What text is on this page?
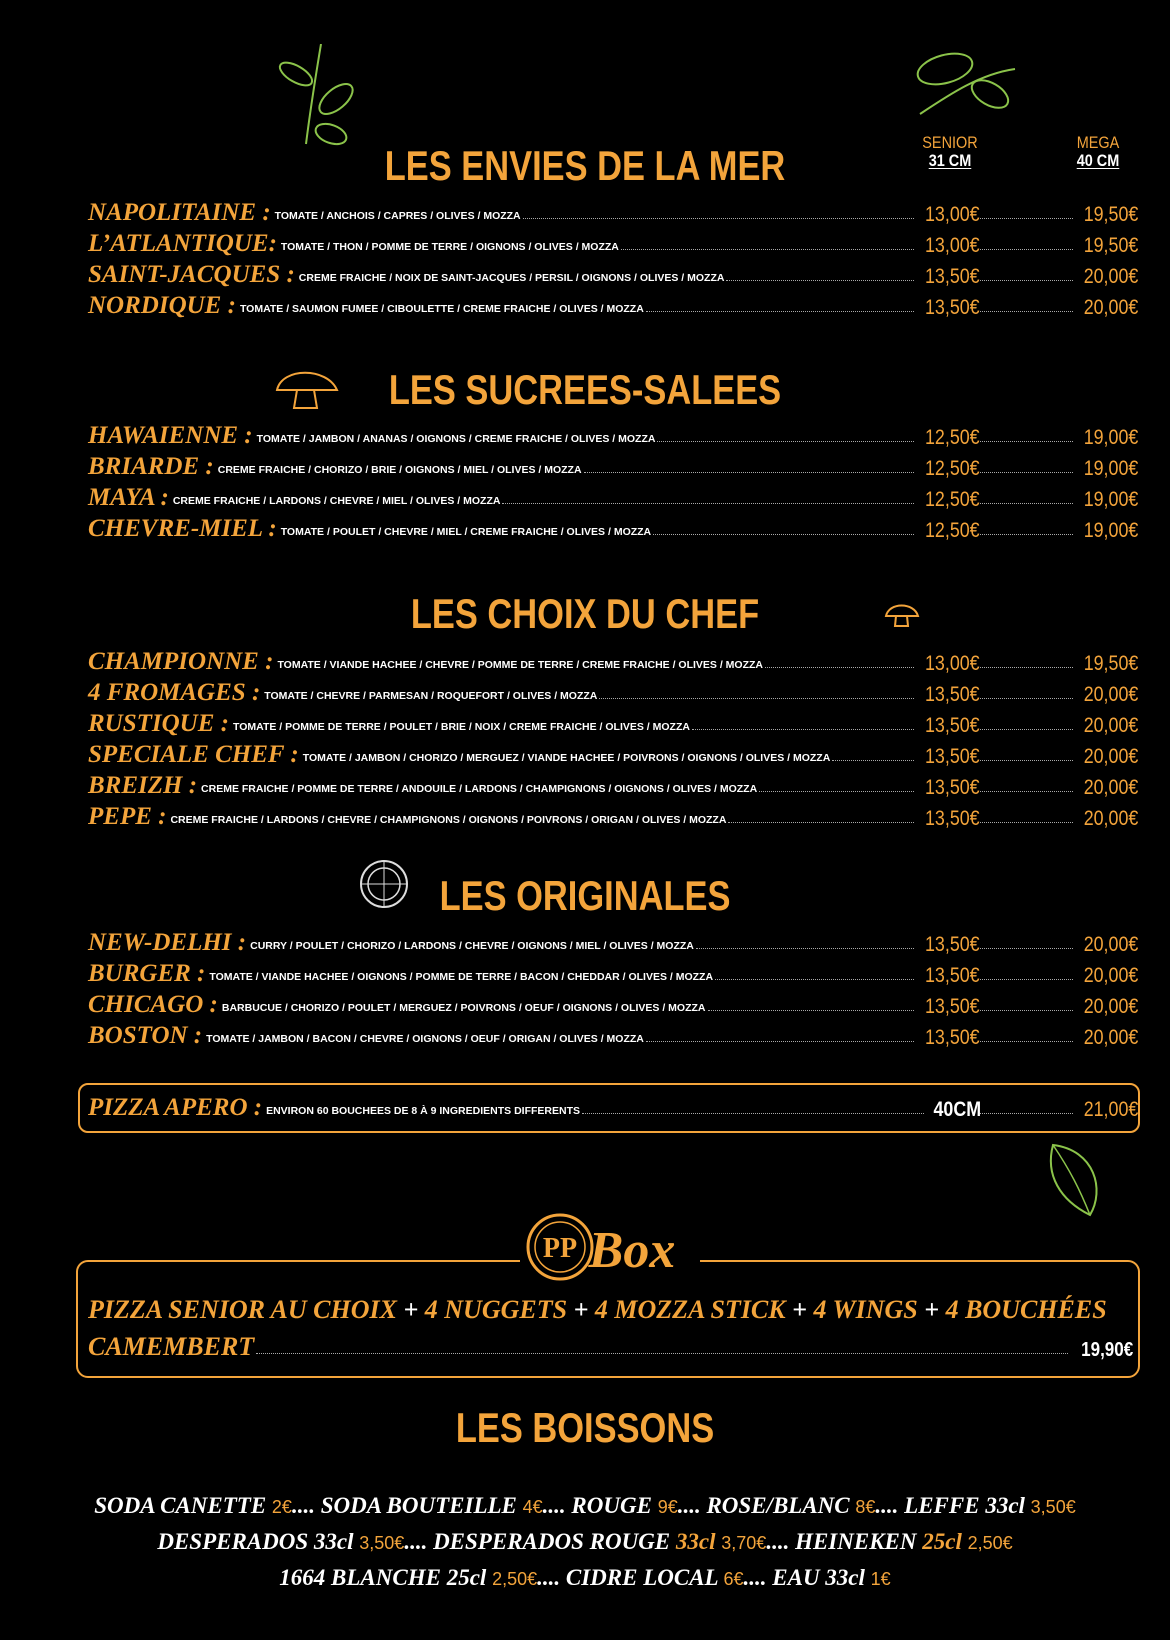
SENIOR
31 CM
MEGA
40 CM
LES ENVIES DE LA MER
NAPOLITAINE : TOMATE / ANCHOIS / CAPRES / OLIVES / MOZZA	13,00€	19,50€
L’ATLANTIQUE: TOMATE / THON / POMME DE TERRE / OIGNONS / OLIVES / MOZZA	13,00€	19,50€
SAINT-JACQUES : CREME FRAICHE / NOIX DE SAINT-JACQUES / PERSIL / OIGNONS / OLIVES / MOZZA	13,50€	20,00€
NORDIQUE : TOMATE / SAUMON FUMEE / CIBOULETTE / CREME FRAICHE / OLIVES / MOZZA	13,50€	20,00€
LES SUCREES-SALEES
HAWAIENNE : TOMATE / JAMBON / ANANAS / OIGNONS / CREME FRAICHE / OLIVES / MOZZA	12,50€	19,00€
BRIARDE : CREME FRAICHE / CHORIZO / BRIE / OIGNONS / MIEL / OLIVES / MOZZA	12,50€	19,00€
MAYA : CREME FRAICHE / LARDONS / CHEVRE / MIEL / OLIVES / MOZZA	12,50€	19,00€
CHEVRE-MIEL : TOMATE / POULET / CHEVRE / MIEL / CREME FRAICHE / OLIVES / MOZZA	12,50€	19,00€
LES CHOIX DU CHEF
CHAMPIONNE : TOMATE / VIANDE HACHEE / CHEVRE / POMME DE TERRE / CREME FRAICHE / OLIVES / MOZZA	13,00€	19,50€
4 FROMAGES : TOMATE / CHEVRE / PARMESAN / ROQUEFORT / OLIVES / MOZZA	13,50€	20,00€
RUSTIQUE : TOMATE / POMME DE TERRE / POULET / BRIE / NOIX / CREME FRAICHE / OLIVES / MOZZA	13,50€	20,00€
SPECIALE CHEF : TOMATE / JAMBON / CHORIZO / MERGUEZ / VIANDE HACHEE / POIVRONS / OIGNONS / OLIVES / MOZZA	13,50€	20,00€
BREIZH : CREME FRAICHE / POMME DE TERRE / ANDOUILE / LARDONS / CHAMPIGNONS / OIGNONS / OLIVES / MOZZA	13,50€	20,00€
PEPE : CREME FRAICHE / LARDONS / CHEVRE / CHAMPIGNONS / OIGNONS / POIVRONS / ORIGAN / OLIVES / MOZZA	13,50€	20,00€
LES ORIGINALES
NEW-DELHI : CURRY / POULET / CHORIZO / LARDONS / CHEVRE / OIGNONS / MIEL / OLIVES / MOZZA	13,50€	20,00€
BURGER : TOMATE / VIANDE HACHEE / OIGNONS / POMME DE TERRE / BACON / CHEDDAR / OLIVES / MOZZA	13,50€	20,00€
CHICAGO : BARBUCUE / CHORIZO / POULET / MERGUEZ / POIVRONS / OEUF / OIGNONS / OLIVES / MOZZA	13,50€	20,00€
BOSTON : TOMATE / JAMBON / BACON / CHEVRE / OIGNONS / OEUF / ORIGAN / OLIVES / MOZZA	13,50€	20,00€
PIZZA APERO : ENVIRON 60 BOUCHEES DE 8 À 9 INGREDIENTS DIFFERENTS	40CM	21,00€
PP Box
PIZZA SENIOR AU CHOIX + 4 NUGGETS + 4 MOZZA STICK + 4 WINGS + 4 BOUCHÉES
CAMEMBERT	19,90€
LES BOISSONS
SODA CANETTE 2€.... SODA BOUTEILLE 4€.... ROUGE 9€.... ROSE/BLANC 8€.... LEFFE 33cl 3,50€
DESPERADOS 33cl 3,50€.... DESPERADOS ROUGE 33cl 3,70€.... HEINEKEN 25cl 2,50€
1664 BLANCHE 25cl 2,50€.... CIDRE LOCAL 6€.... EAU 33cl 1€
